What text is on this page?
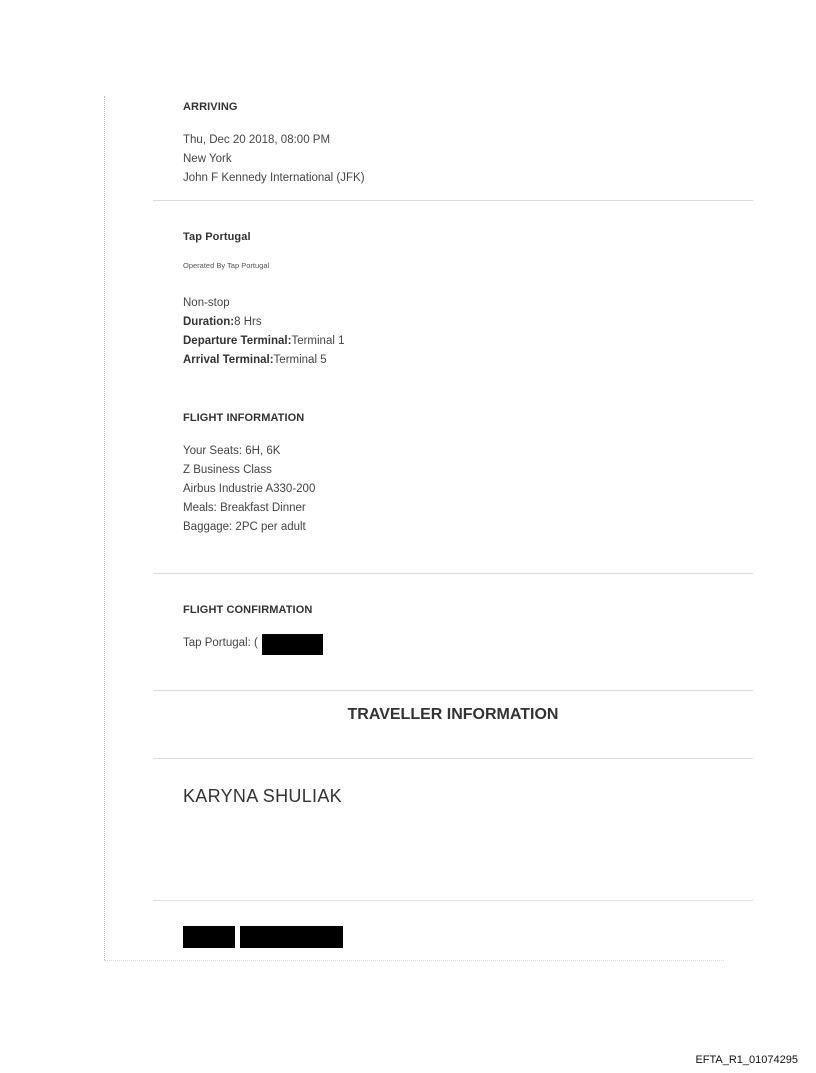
ARRIVING
Thu, Dec 20 2018, 08:00 PM
New York
John F Kennedy International (JFK)
Tap Portugal
Operated By Tap Portugal
Non-stop
Duration:8 Hrs
Departure Terminal:Terminal 1
Arrival Terminal:Terminal 5
FLIGHT INFORMATION
Your Seats: 6H, 6K
Z Business Class
Airbus Industrie A330-200
Meals: Breakfast Dinner
Baggage: 2PC per adult
FLIGHT CONFIRMATION
Tap Portugal: (
TRAVELLER INFORMATION
KARYNA SHULIAK
EFTA_R1_01074295
